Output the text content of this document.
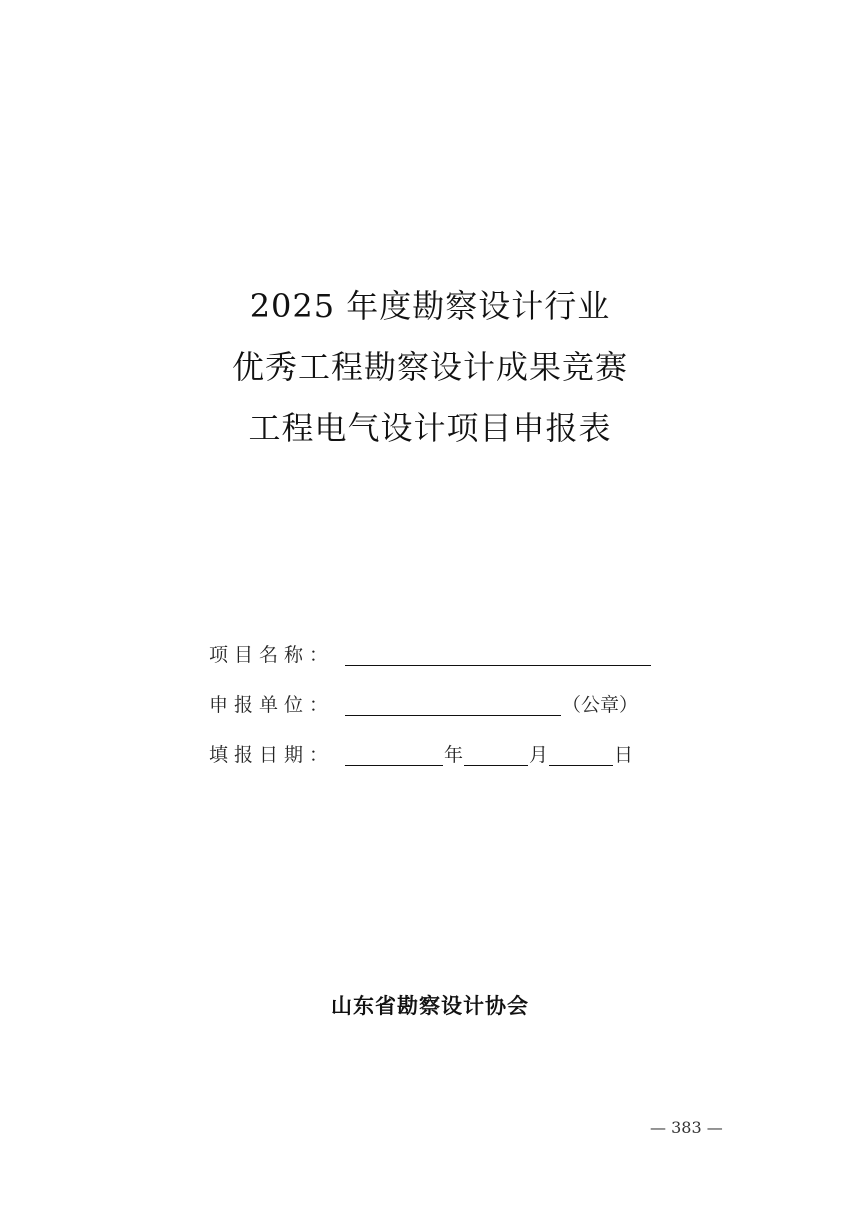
2025 年度勘察设计行业
优秀工程勘察设计成果竞赛
工程电气设计项目申报表
项目名称：
申报单位：	（公章）
填报日期：	年	月	日
山东省勘察设计协会
— 383 —
